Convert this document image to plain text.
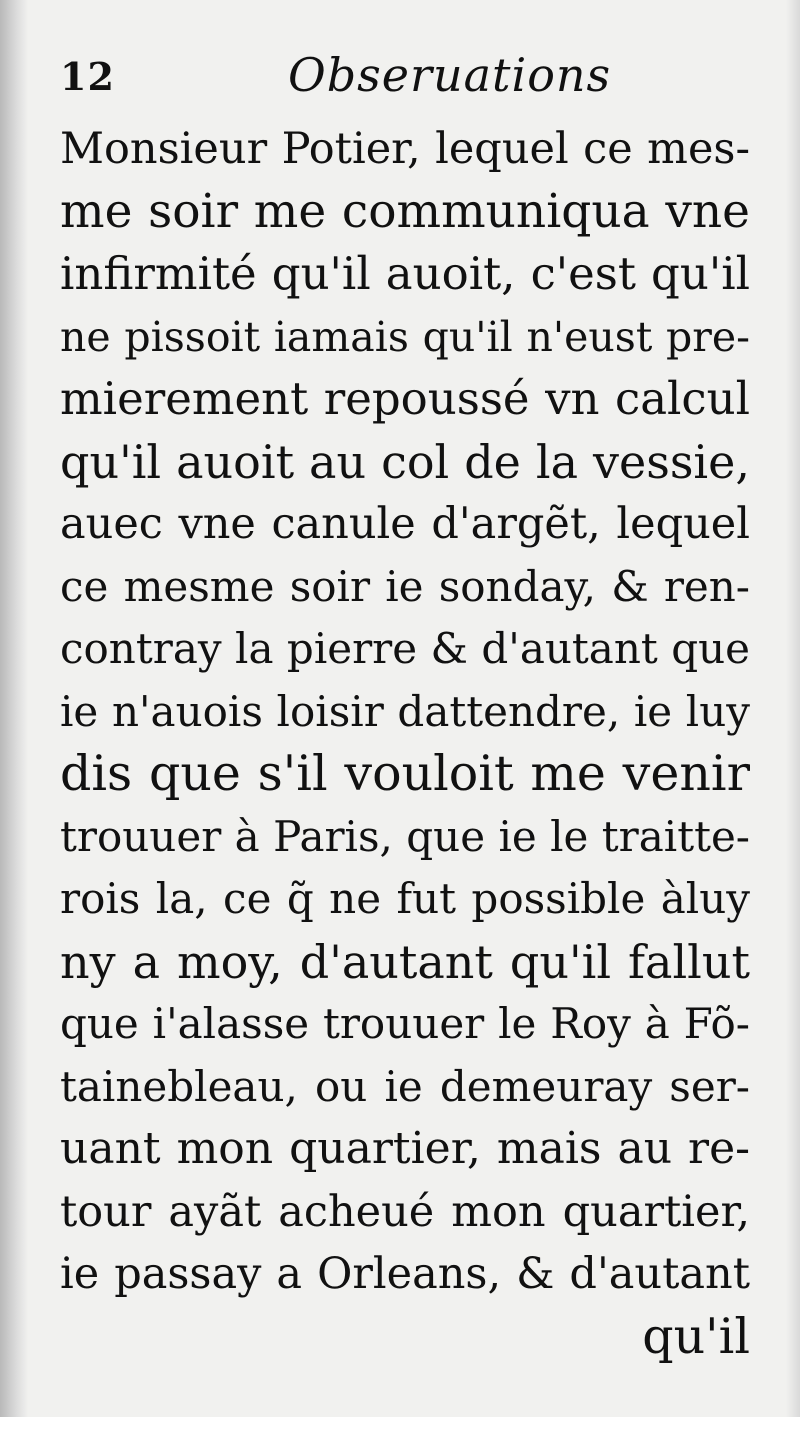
12	Obseruations
Monsieur Potier, lequel ce mes-
me soir me communiqua vne
infirmité qu'il auoit, c'est qu'il
ne pissoit iamais qu'il n'eust pre-
mierement repoussé vn calcul
qu'il auoit au col de la vessie,
auec vne canule d'argẽt, lequel
ce mesme soir ie sonday, & ren-
contray la pierre & d'autant que
ie n'auois loisir dattendre, ie luy
dis que s'il vouloit me venir
trouuer à Paris, que ie le traitte-
rois la, ce q̃ ne fut possible àluy
ny a moy, d'autant qu'il fallut
que i'alasse trouuer le Roy à Fõ-
tainebleau, ou ie demeuray ser-
uant mon quartier, mais au re-
tour ayãt acheué mon quartier,
ie passay a Orleans, & d'autant
qu'il
